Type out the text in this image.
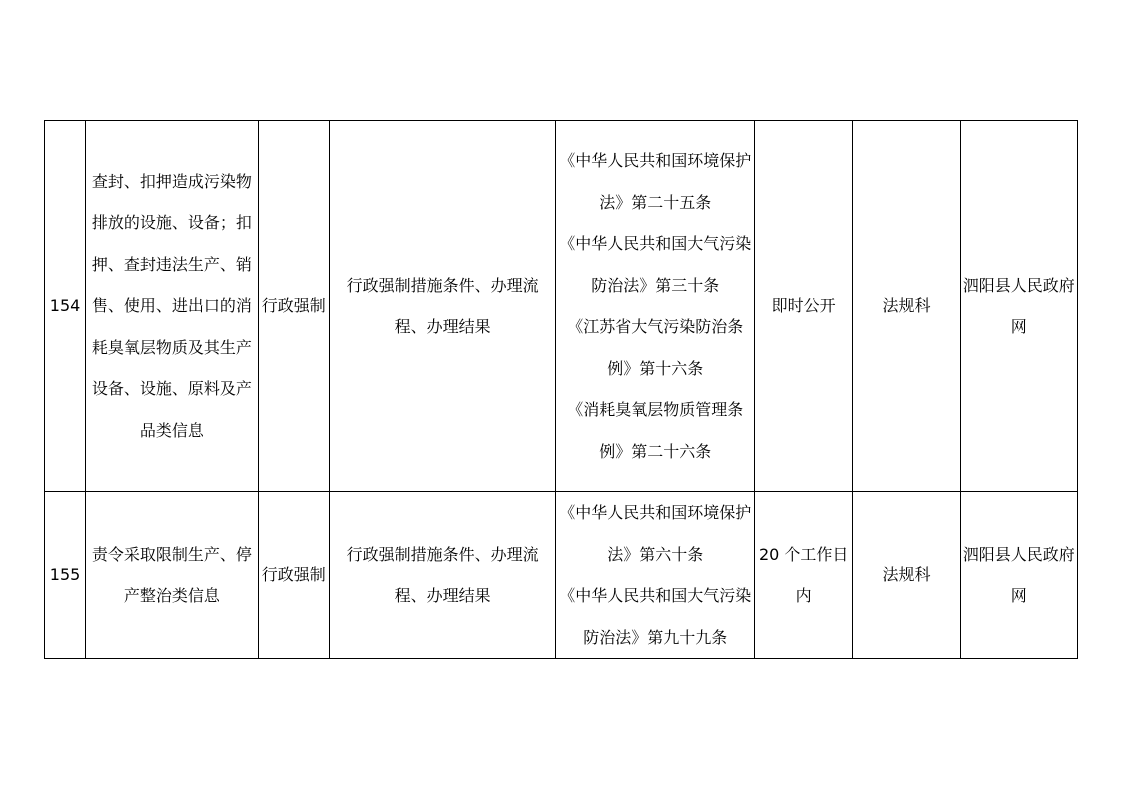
154	查封、扣押造成污染物排放的设施、设备；扣押、查封违法生产、销售、使用、进出口的消耗臭氧层物质及其生产设备、设施、原料及产品类信息	行政强制	行政强制措施条件、办理流程、办理结果	《中华人民共和国环境保护法》第二十五条
《中华人民共和国大气污染防治法》第三十条
《江苏省大气污染防治条例》第十六条
《消耗臭氧层物质管理条例》第二十六条	即时公开	法规科	泗阳县人民政府网

155	责令采取限制生产、停产整治类信息	行政强制	行政强制措施条件、办理流程、办理结果	《中华人民共和国环境保护法》第六十条
《中华人民共和国大气污染防治法》第九十九条	20 个工作日内	法规科	泗阳县人民政府网
